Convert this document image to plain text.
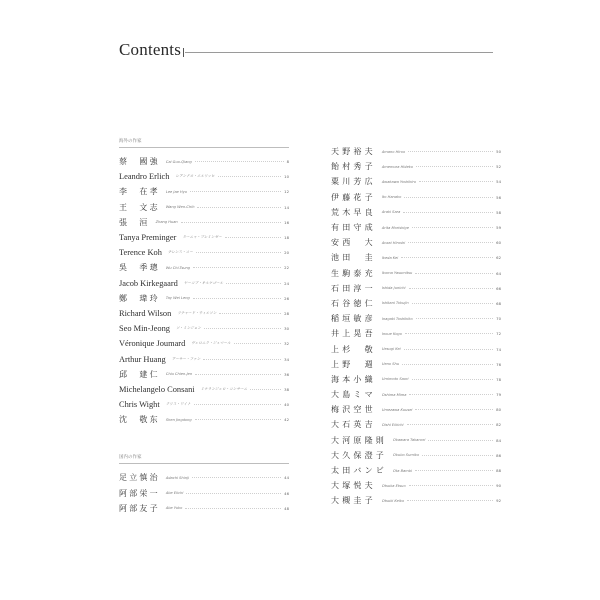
Contents
海外の作家
蔡　國強 Cai Guo-Qiang	8
Leandro Erlich レアンドロ・エルリッヒ	10
李　在孝 Lee Jae Hyo	12
王　文志 Wang Wen-Chih	14
張　洹 Zhang Huan	16
Tanya Preminger ターニャ・プレミンガー	18
Terence Koh テレンス・コー	20
吳　季璁 Wu Chi-Tsung	22
Jacob Kirkegaard ヤーコブ・キルケゴール	24
鄭　瑋玲 Tay Wei Leng	26
Richard Wilson リチャード・ウィルソン	28
Seo Min-Jeong ソ・ミンジョン	30
Véronique Joumard ヴェロニク・ジュマール	32
Arthur Huang アーサー・ファン	34
邱　建仁 Chiu Chien-Jen	36
Michelangelo Consani ミケランジェロ・コンサーニ	38
Chris Wight クリス・ワイト	40
沈　敬东 Shen Jingdong	42
国内の作家
足立慎治 Adachi Shinji	44
阿部栄一 Abe Eiichi	46
阿部友子 Abe Yuko	48
天野裕夫 Amano Hiroo	50
飴村秀子 Amemura Hideko	52
粟川芳広 Awakawa Yoshihiro	54
伊藤花子 Ito Hanako	56
荒木早良 Araki Sara	58
有田守成 Arita Morishige	59
安西　大 Anzai Hiroshi	60
池田　圭 Ikeda Kei	62
生駒泰充 Ikoma Yasumitsu	64
石田淳一 Ishida Junichi	66
石谷徳仁 Ishitani Tokujin	68
稲垣敏彦 Inagaki Toshihiko	70
井上晃吾 Inoue Kogo	72
上杉　敬 Uesugi Kei	74
上野　週 Ueno Shu	76
海本小織 Umimoto Saori	78
大島ミマ Oshima Mima	79
梅沢空世 Umezawa Kuusei	80
大石英吉 Oishi Eikichi	82
大河原隆則 Okawara Takanori	84
大久保澄子 Okubo Sumiko	86
太田バンビ Ota Bambi	88
大塚悦夫 Otsuka Etsuo	90
大槻圭子 Otsuki Keiko	92
